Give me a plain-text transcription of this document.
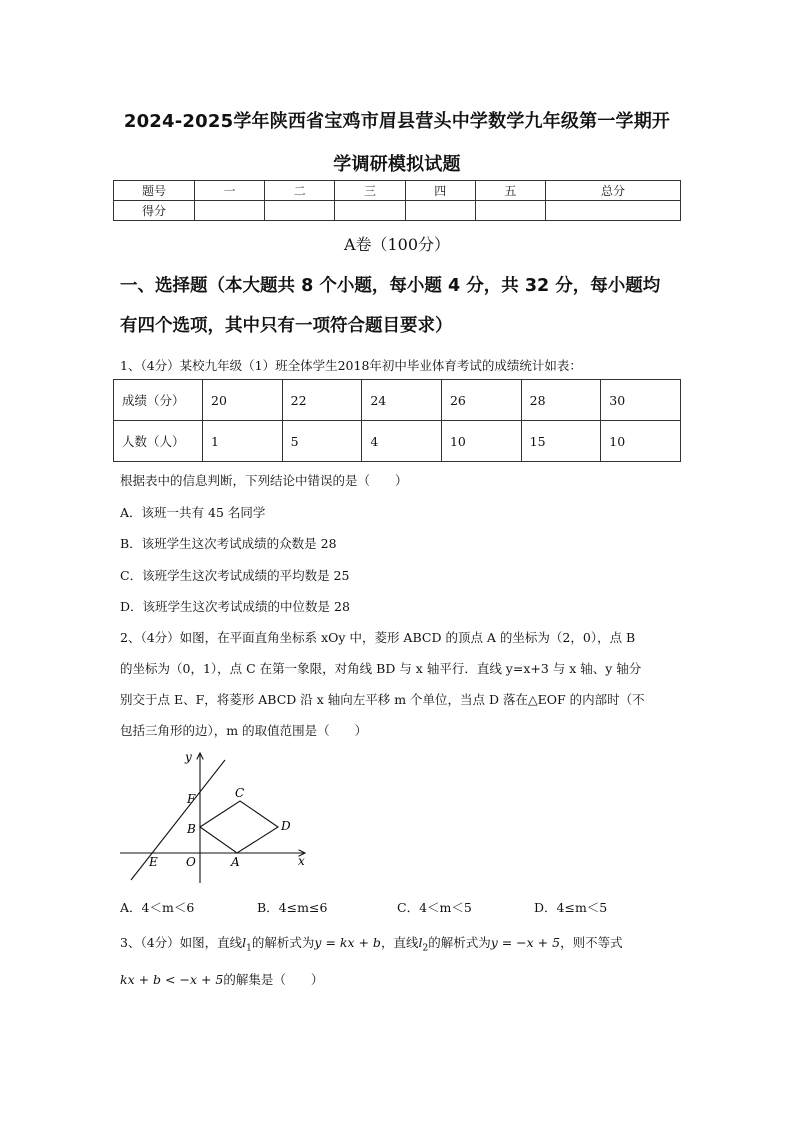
2024-2025学年陕西省宝鸡市眉县营头中学数学九年级第一学期开
学调研模拟试题
题号	一	二	三	四	五	总分
得分						
A卷（100分）
一、选择题（本大题共 8 个小题，每小题 4 分，共 32 分，每小题均
有四个选项，其中只有一项符合题目要求）
1、（4分）某校九年级（1）班全体学生2018年初中毕业体育考试的成绩统计如表：
成绩（分）	20	22	24	26	28	30
人数（人）	1	5	4	10	15	10
根据表中的信息判断，下列结论中错误的是（　　）
A．该班一共有 45 名同学
B．该班学生这次考试成绩的众数是 28
C．该班学生这次考试成绩的平均数是 25
D．该班学生这次考试成绩的中位数是 28
2、（4分）如图，在平面直角坐标系 xOy 中，菱形 ABCD 的顶点 A 的坐标为（2，0），点 B
的坐标为（0，1），点 C 在第一象限，对角线 BD 与 x 轴平行．直线 y=x+3 与 x 轴、y 轴分
别交于点 E、F，将菱形 ABCD 沿 x 轴向左平移 m 个单位，当点 D 落在△EOF 的内部时（不
包括三角形的边），m 的取值范围是（　　）
y
x
F	C
B	D
E O	A
A．4＜m＜6	B．4≤m≤6	C．4＜m＜5	D．4≤m＜5
3、（4分）如图，直线$l_1$的解析式为y = kx + b，直线$l_2$的解析式为y = −x + 5，则不等式
kx + b < −x + 5的解集是（　　）
